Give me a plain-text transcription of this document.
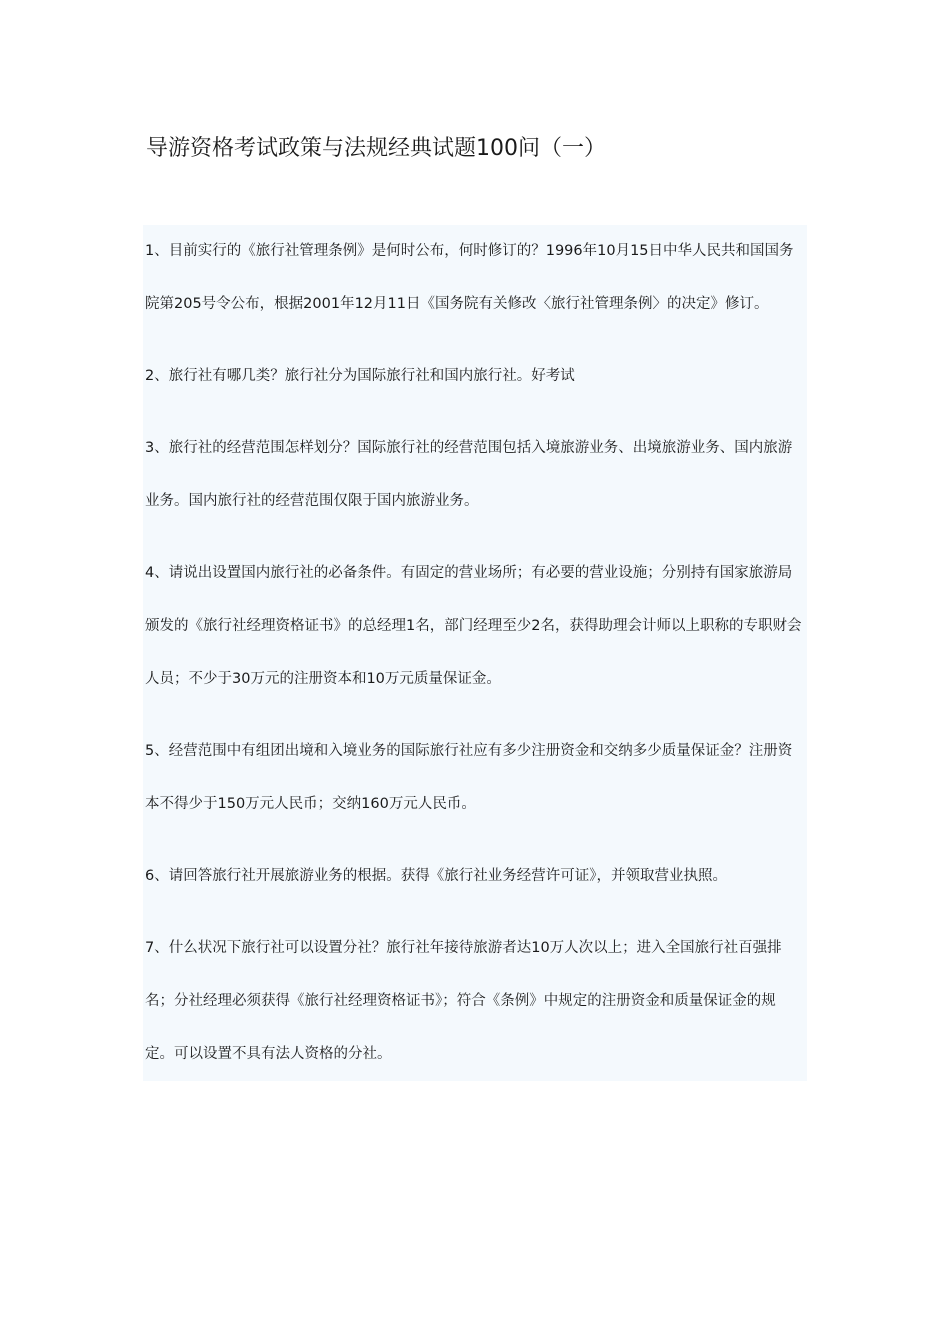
导游资格考试政策与法规经典试题100问（一）

1、目前实行的《旅行社管理条例》是何时公布，何时修订的？1996年10月15日中华人民共和国国务院第205号令公布，根据2001年12月11日《国务院有关修改〈旅行社管理条例〉的决定》修订。

2、旅行社有哪几类？旅行社分为国际旅行社和国内旅行社。好考试

3、旅行社的经营范围怎样划分？国际旅行社的经营范围包括入境旅游业务、出境旅游业务、国内旅游业务。国内旅行社的经营范围仅限于国内旅游业务。

4、请说出设置国内旅行社的必备条件。有固定的营业场所；有必要的营业设施；分别持有国家旅游局颁发的《旅行社经理资格证书》的总经理1名，部门经理至少2名，获得助理会计师以上职称的专职财会人员；不少于30万元的注册资本和10万元质量保证金。

5、经营范围中有组团出境和入境业务的国际旅行社应有多少注册资金和交纳多少质量保证金？注册资本不得少于150万元人民币；交纳160万元人民币。

6、请回答旅行社开展旅游业务的根据。获得《旅行社业务经营许可证》，并领取营业执照。

7、什么状况下旅行社可以设置分社？旅行社年接待旅游者达10万人次以上；进入全国旅行社百强排名；分社经理必须获得《旅行社经理资格证书》；符合《条例》中规定的注册资金和质量保证金的规定。可以设置不具有法人资格的分社。
